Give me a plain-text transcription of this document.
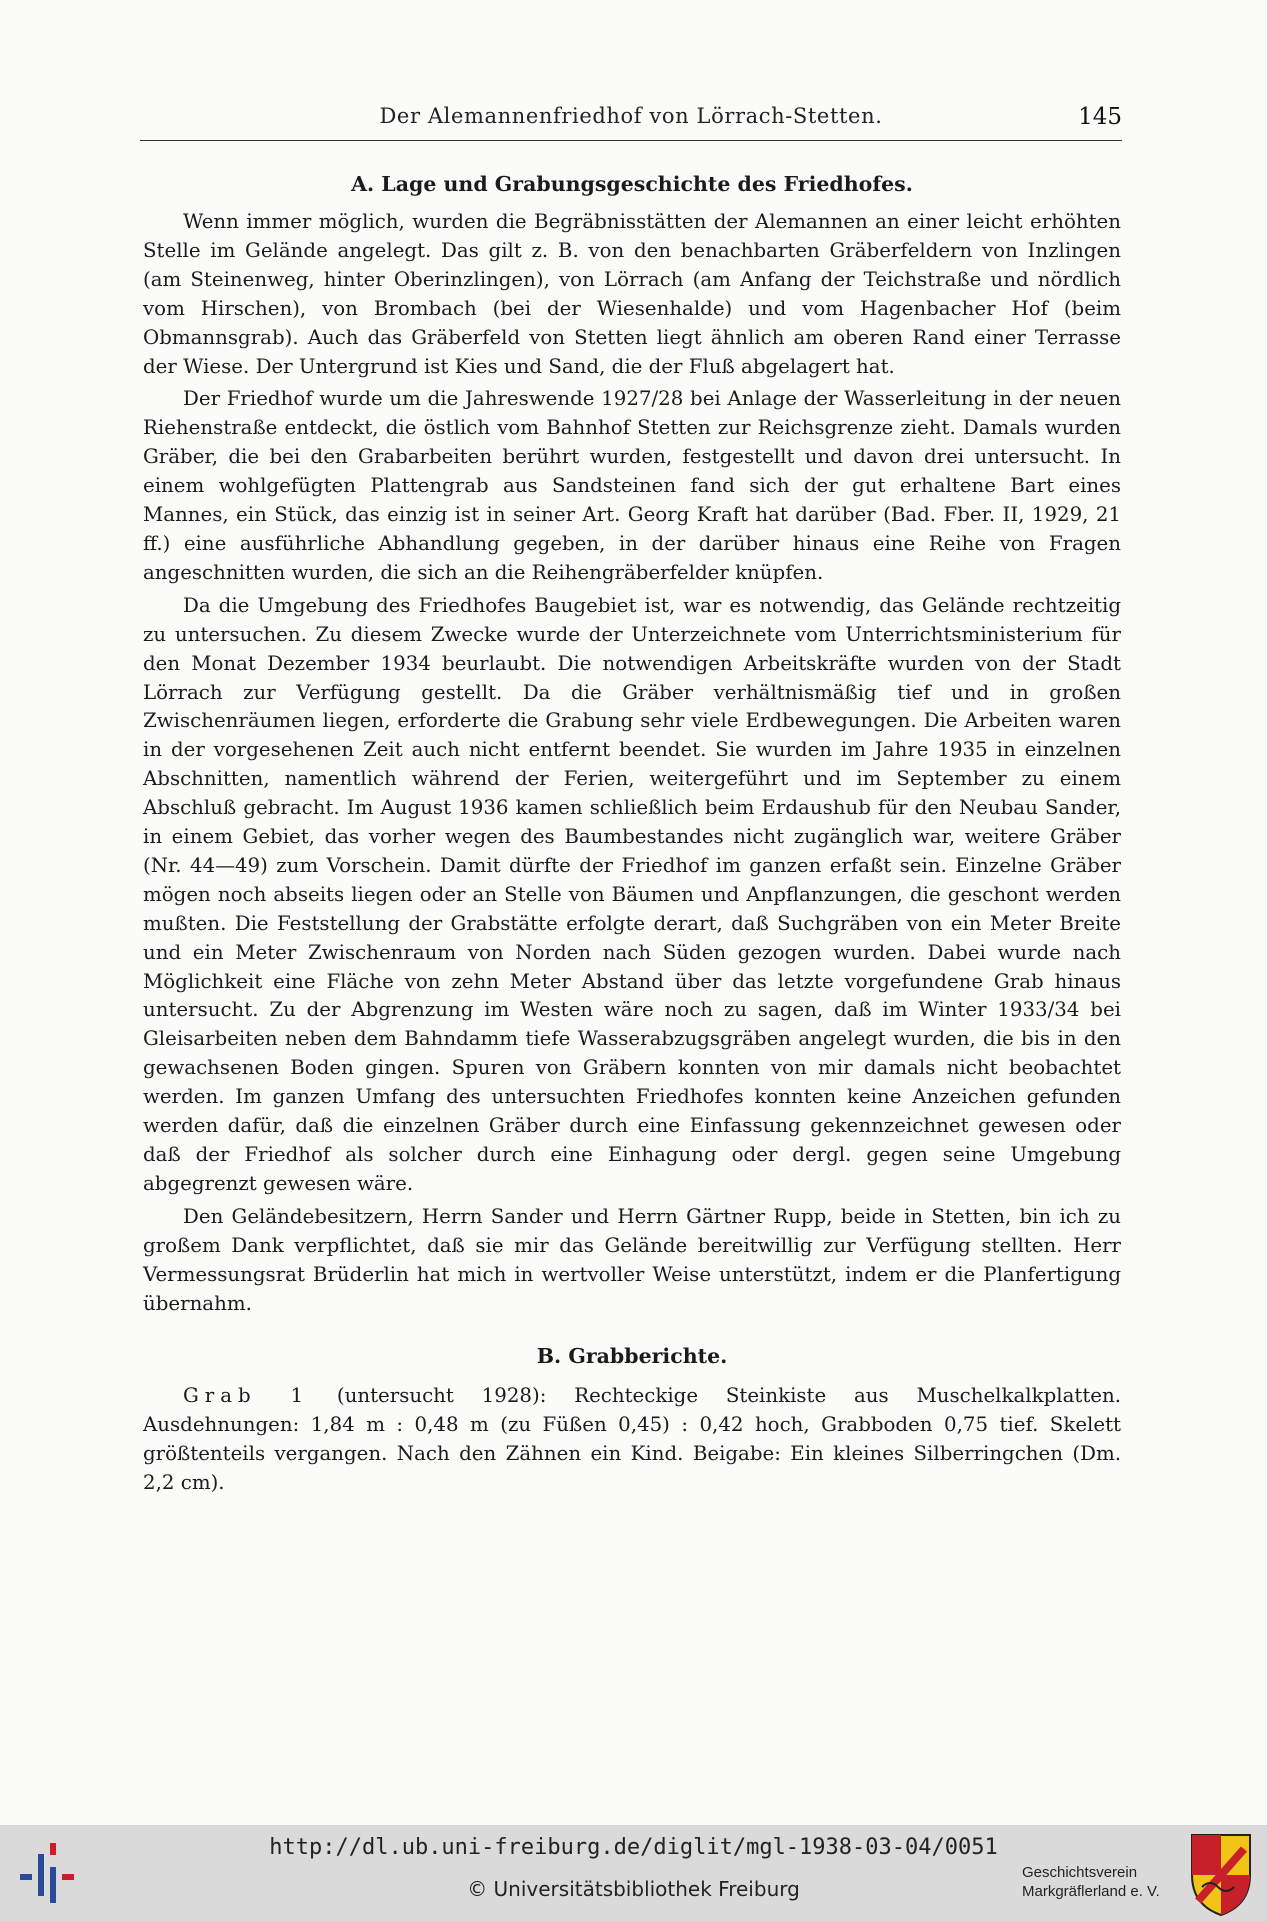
Der Alemannenfriedhof von Lörrach-Stetten.	145
A. Lage und Grabungsgeschichte des Friedhofes.

Wenn immer möglich, wurden die Begräbnisstätten der Alemannen an einer leicht erhöhten Stelle im Gelände angelegt. Das gilt z. B. von den benachbarten Gräberfeldern von Inzlingen (am Steinenweg, hinter Oberinzlingen), von Lörrach (am Anfang der Teichstraße und nördlich vom Hirschen), von Brombach (bei der Wiesenhalde) und vom Hagenbacher Hof (beim Obmannsgrab). Auch das Gräberfeld von Stetten liegt ähnlich am oberen Rand einer Terrasse der Wiese. Der Untergrund ist Kies und Sand, die der Fluß abgelagert hat.

Der Friedhof wurde um die Jahreswende 1927/28 bei Anlage der Wasserleitung in der neuen Riehenstraße entdeckt, die östlich vom Bahnhof Stetten zur Reichsgrenze zieht. Damals wurden Gräber, die bei den Grabarbeiten berührt wurden, festgestellt und davon drei untersucht. In einem wohlgefügten Plattengrab aus Sandsteinen fand sich der gut erhaltene Bart eines Mannes, ein Stück, das einzig ist in seiner Art. Georg Kraft hat darüber (Bad. Fber. II, 1929, 21 ff.) eine ausführliche Abhandlung gegeben, in der darüber hinaus eine Reihe von Fragen angeschnitten wurden, die sich an die Reihengräberfelder knüpfen.

Da die Umgebung des Friedhofes Baugebiet ist, war es notwendig, das Gelände rechtzeitig zu untersuchen. Zu diesem Zwecke wurde der Unterzeichnete vom Unterrichtsministerium für den Monat Dezember 1934 beurlaubt. Die notwendigen Arbeitskräfte wurden von der Stadt Lörrach zur Verfügung gestellt. Da die Gräber verhältnismäßig tief und in großen Zwischenräumen liegen, erforderte die Grabung sehr viele Erdbewegungen. Die Arbeiten waren in der vorgesehenen Zeit auch nicht entfernt beendet. Sie wurden im Jahre 1935 in einzelnen Abschnitten, namentlich während der Ferien, weitergeführt und im September zu einem Abschluß gebracht. Im August 1936 kamen schließlich beim Erdaushub für den Neubau Sander, in einem Gebiet, das vorher wegen des Baumbestandes nicht zugänglich war, weitere Gräber (Nr. 44—49) zum Vorschein. Damit dürfte der Friedhof im ganzen erfaßt sein. Einzelne Gräber mögen noch abseits liegen oder an Stelle von Bäumen und Anpflanzungen, die geschont werden mußten. Die Feststellung der Grabstätte erfolgte derart, daß Suchgräben von ein Meter Breite und ein Meter Zwischenraum von Norden nach Süden gezogen wurden. Dabei wurde nach Möglichkeit eine Fläche von zehn Meter Abstand über das letzte vorgefundene Grab hinaus untersucht. Zu der Abgrenzung im Westen wäre noch zu sagen, daß im Winter 1933/34 bei Gleisarbeiten neben dem Bahndamm tiefe Wasserabzugsgräben angelegt wurden, die bis in den gewachsenen Boden gingen. Spuren von Gräbern konnten von mir damals nicht beobachtet werden. Im ganzen Umfang des untersuchten Friedhofes konnten keine Anzeichen gefunden werden dafür, daß die einzelnen Gräber durch eine Einfassung gekennzeichnet gewesen oder daß der Friedhof als solcher durch eine Einhagung oder dergl. gegen seine Umgebung abgegrenzt gewesen wäre.

Den Geländebesitzern, Herrn Sander und Herrn Gärtner Rupp, beide in Stetten, bin ich zu großem Dank verpflichtet, daß sie mir das Gelände bereitwillig zur Verfügung stellten. Herr Vermessungsrat Brüderlin hat mich in wertvoller Weise unterstützt, indem er die Planfertigung übernahm.

B. Grabberichte.

Grab 1 (untersucht 1928): Rechteckige Steinkiste aus Muschelkalkplatten. Ausdehnungen: 1,84 m : 0,48 m (zu Füßen 0,45) : 0,42 hoch, Grabboden 0,75 tief. Skelett größtenteils vergangen. Nach den Zähnen ein Kind. Beigabe: Ein kleines Silberringchen (Dm. 2,2 cm).

http://dl.ub.uni-freiburg.de/diglit/mgl-1938-03-04/0051
© Universitätsbibliothek Freiburg
Geschichtsverein
Markgräflerland e. V.
